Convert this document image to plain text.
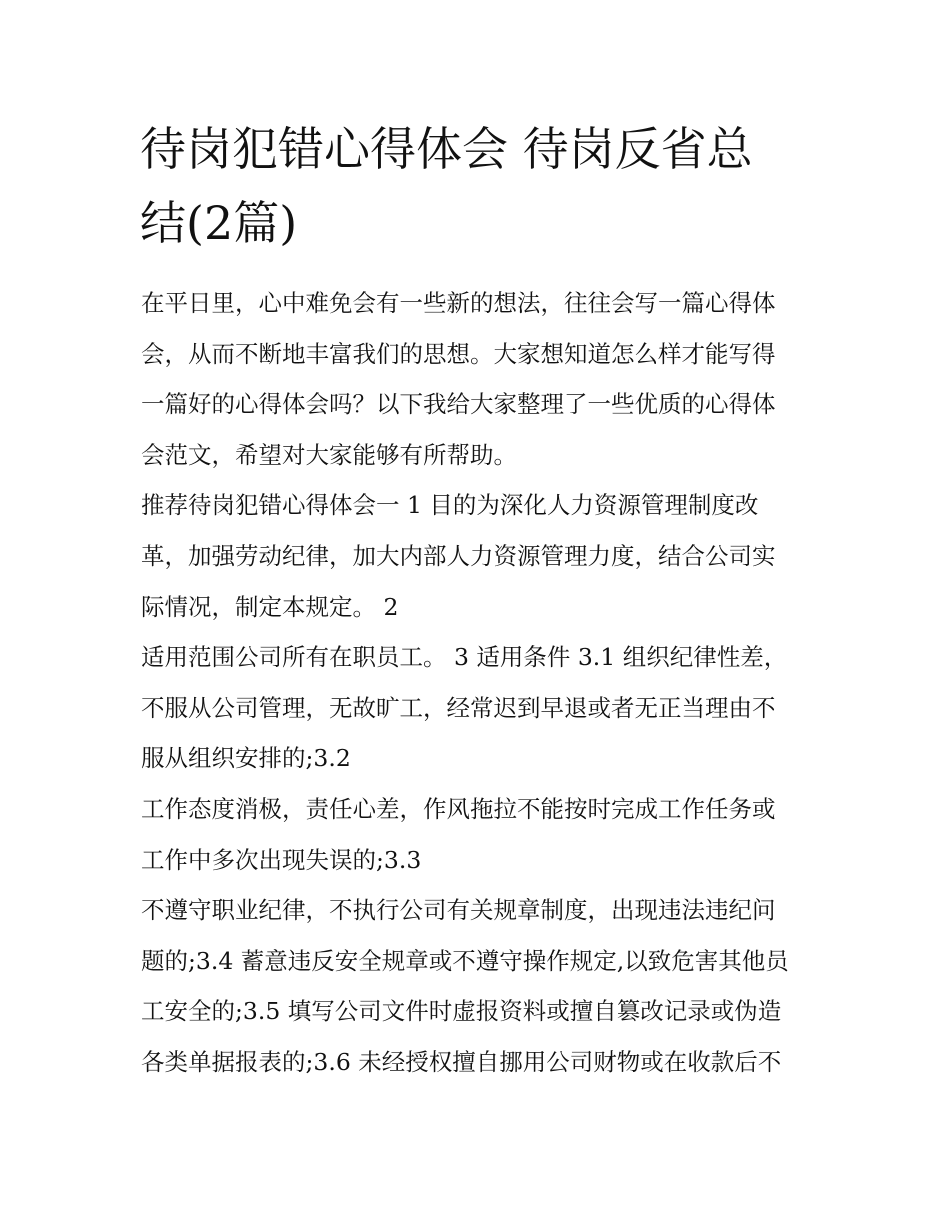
待岗犯错心得体会 待岗反省总
结(2篇)
在平日里，心中难免会有一些新的想法，往往会写一篇心得体
会，从而不断地丰富我们的思想。大家想知道怎么样才能写得
一篇好的心得体会吗？以下我给大家整理了一些优质的心得体
会范文，希望对大家能够有所帮助。
推荐待岗犯错心得体会一 1 目的为深化人力资源管理制度改
革，加强劳动纪律，加大内部人力资源管理力度，结合公司实
际情况，制定本规定。 2
适用范围公司所有在职员工。 3 适用条件 3.1 组织纪律性差，
不服从公司管理，无故旷工，经常迟到早退或者无正当理由不
服从组织安排的;3.2
工作态度消极，责任心差，作风拖拉不能按时完成工作任务或
工作中多次出现失误的;3.3
不遵守职业纪律，不执行公司有关规章制度，出现违法违纪问
题的;3.4 蓄意违反安全规章或不遵守操作规定,以致危害其他员
工安全的;3.5 填写公司文件时虚报资料或擅自篡改记录或伪造
各类单据报表的;3.6 未经授权擅自挪用公司财物或在收款后不
